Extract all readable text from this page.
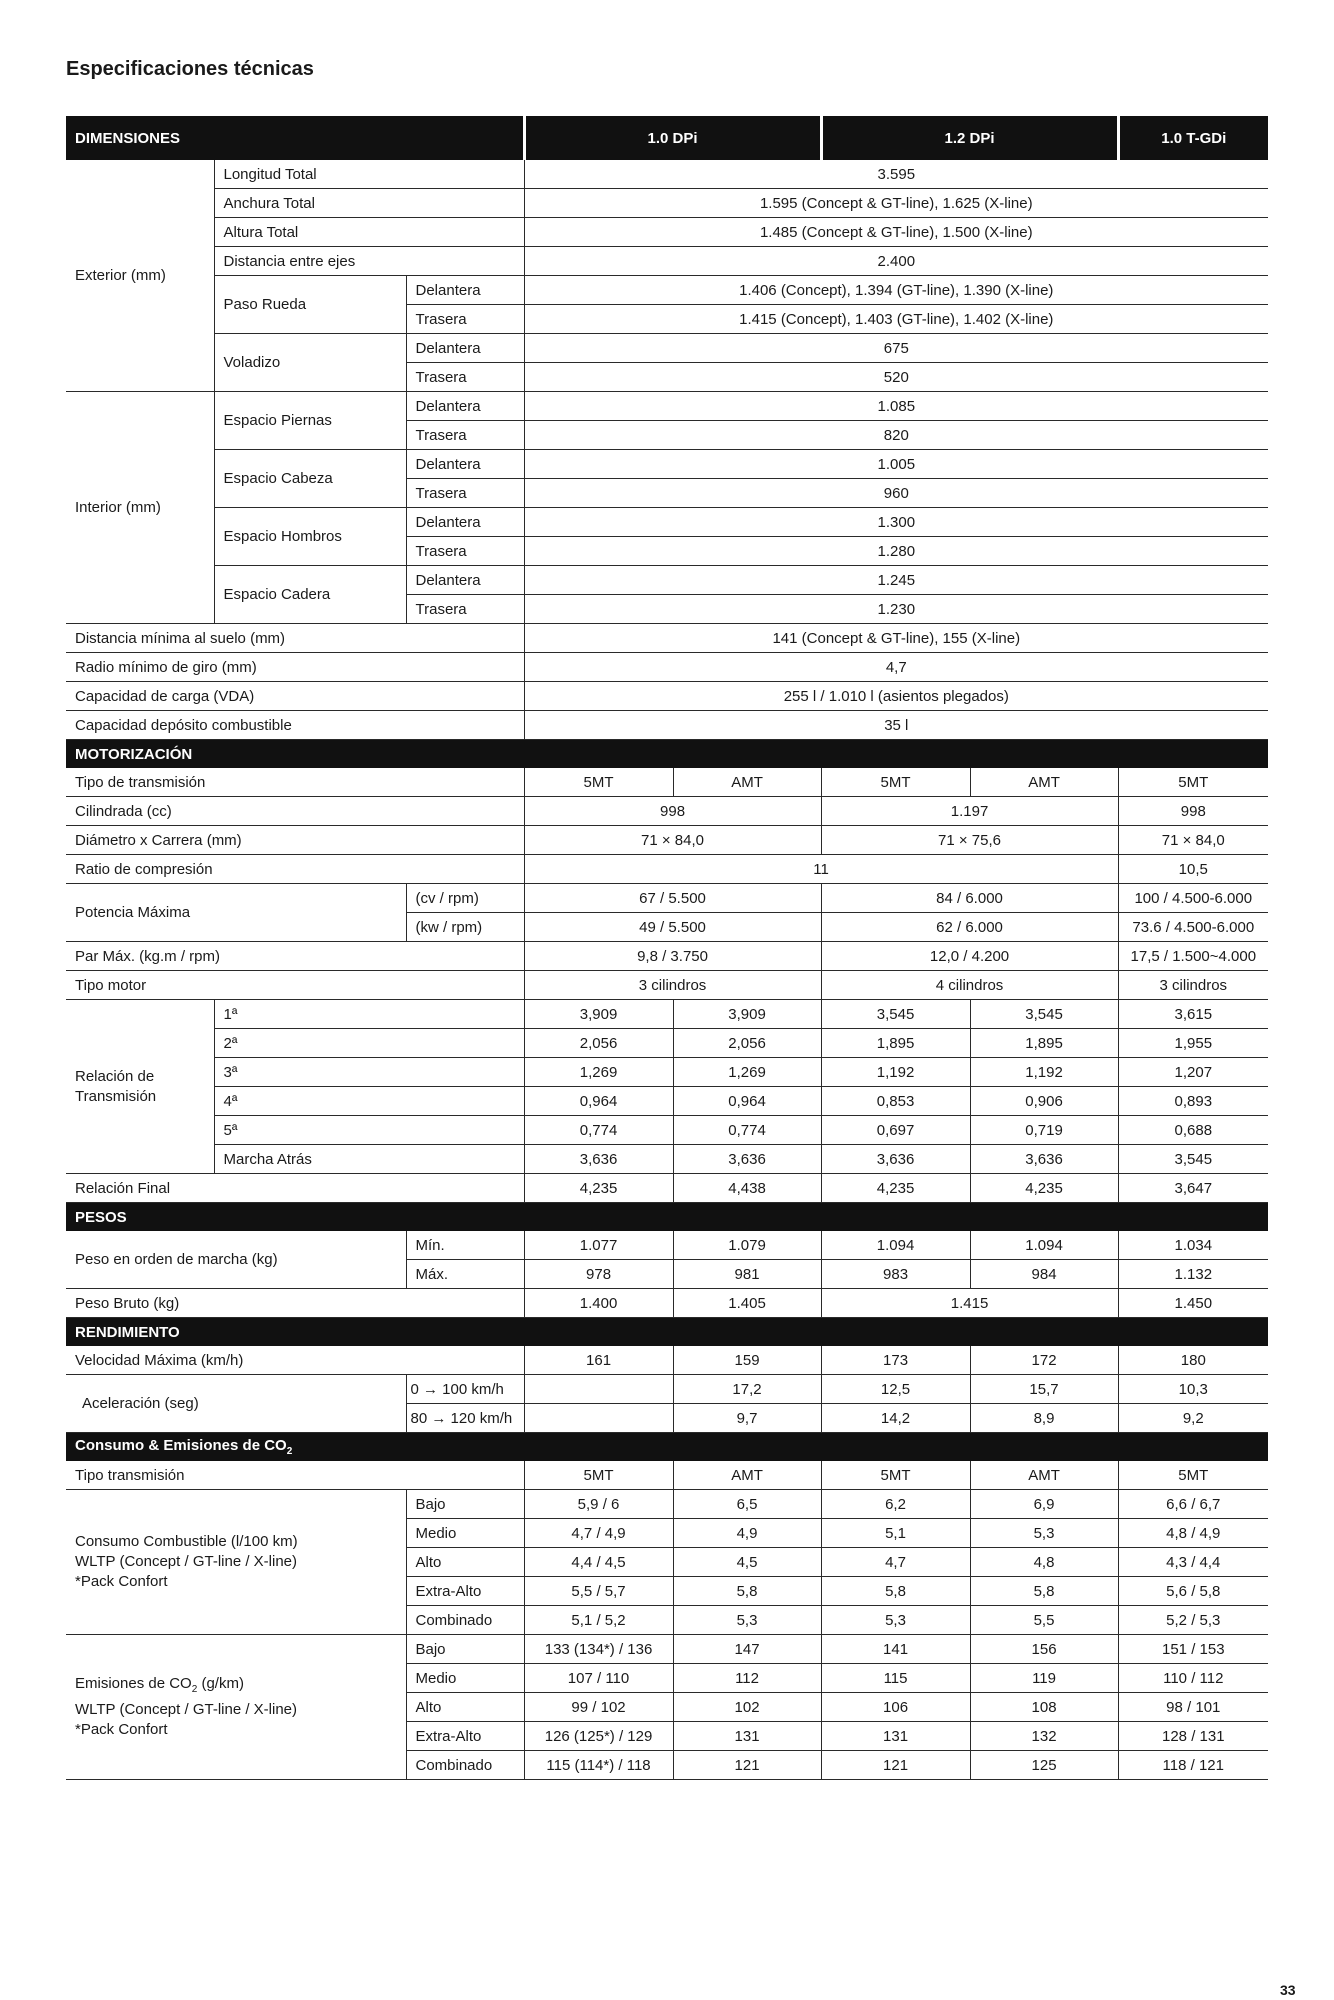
Especificaciones técnicas
DIMENSIONES			1.0 DPi		1.2 DPi		1.0 T-GDi
Exterior (mm)	Longitud Total		3.595				
	Anchura Total		1.595 (Concept & GT-line), 1.625 (X-line)				
	Altura Total		1.485 (Concept & GT-line), 1.500 (X-line)				
	Distancia entre ejes		2.400				
	Paso Rueda	Delantera	1.406 (Concept), 1.394 (GT-line), 1.390 (X-line)				
		Trasera	1.415 (Concept), 1.403 (GT-line), 1.402 (X-line)				
	Voladizo	Delantera	675				
		Trasera	520				
Interior (mm)	Espacio Piernas	Delantera	1.085				
		Trasera	820				
	Espacio Cabeza	Delantera	1.005				
		Trasera	960				
	Espacio Hombros	Delantera	1.300				
		Trasera	1.280				
	Espacio Cadera	Delantera	1.245				
		Trasera	1.230				
Distancia mínima al suelo (mm)			141 (Concept & GT-line), 155 (X-line)				
Radio mínimo de giro (mm)			4,7				
Capacidad de carga (VDA)			255 l / 1.010 l (asientos plegados)				
Capacidad depósito combustible			35 l				
MOTORIZACIÓN							
Tipo de transmisión			5MT	AMT	5MT	AMT	5MT
Cilindrada (cc)			998		1.197		998
Diámetro x Carrera (mm)			71 × 84,0		71 × 75,6		71 × 84,0
Ratio de compresión			11				10,5
Potencia Máxima		(cv / rpm)	67 / 5.500		84 / 6.000		100 / 4.500-6.000
		(kw / rpm)	49 / 5.500		62 / 6.000		73.6 / 4.500-6.000
Par Máx. (kg.m / rpm)			9,8 / 3.750		12,0 / 4.200		17,5 / 1.500~4.000
Tipo motor			3 cilindros		4 cilindros		3 cilindros
Relación de Transmisión	1ª		3,909	3,909	3,545	3,545	3,615
	2ª		2,056	2,056	1,895	1,895	1,955
	3ª		1,269	1,269	1,192	1,192	1,207
	4ª		0,964	0,964	0,853	0,906	0,893
	5ª		0,774	0,774	0,697	0,719	0,688
	Marcha Atrás		3,636	3,636	3,636	3,636	3,545
Relación Final			4,235	4,438	4,235	4,235	3,647
PESOS							
Peso en orden de marcha (kg)		Mín.	1.077	1.079	1.094	1.094	1.034
		Máx.	978	981	983	984	1.132
Peso Bruto (kg)			1.400	1.405	1.415		1.450
RENDIMIENTO							
Velocidad Máxima (km/h)			161	159	173	172	180
Aceleración (seg)		0 → 100 km/h		17,2	12,5	15,7	10,3
		80 → 120 km/h		9,7	14,2	8,9	9,2
Consumo & Emisiones de $CO_2$
Tipo transmisión			5MT	AMT	5MT	AMT	5MT
Consumo Combustible (l/100 km)
WLTP (Concept / GT-line / X-line)
*Pack Confort		Bajo	5,9 / 6	6,5	6,2	6,9	6,6 / 6,7
		Medio	4,7 / 4,9	4,9	5,1	5,3	4,8 / 4,9
		Alto	4,4 / 4,5	4,5	4,7	4,8	4,3 / 4,4
		Extra-Alto	5,5 / 5,7	5,8	5,8	5,8	5,6 / 5,8
		Combinado	5,1 / 5,2	5,3	5,3	5,5	5,2 / 5,3
Emisiones de $CO_2$ (g/km)
WLTP (Concept / GT-line / X-line)
*Pack Confort		Bajo	133 (134*) / 136	147	141	156	151 / 153
		Medio	107 / 110	112	115	119	110 / 112
		Alto	99 / 102	102	106	108	98 / 101
		Extra-Alto	126 (125*) / 129	131	131	132	128 / 131
		Combinado	115 (114*) / 118	121	121	125	118 / 121
33
